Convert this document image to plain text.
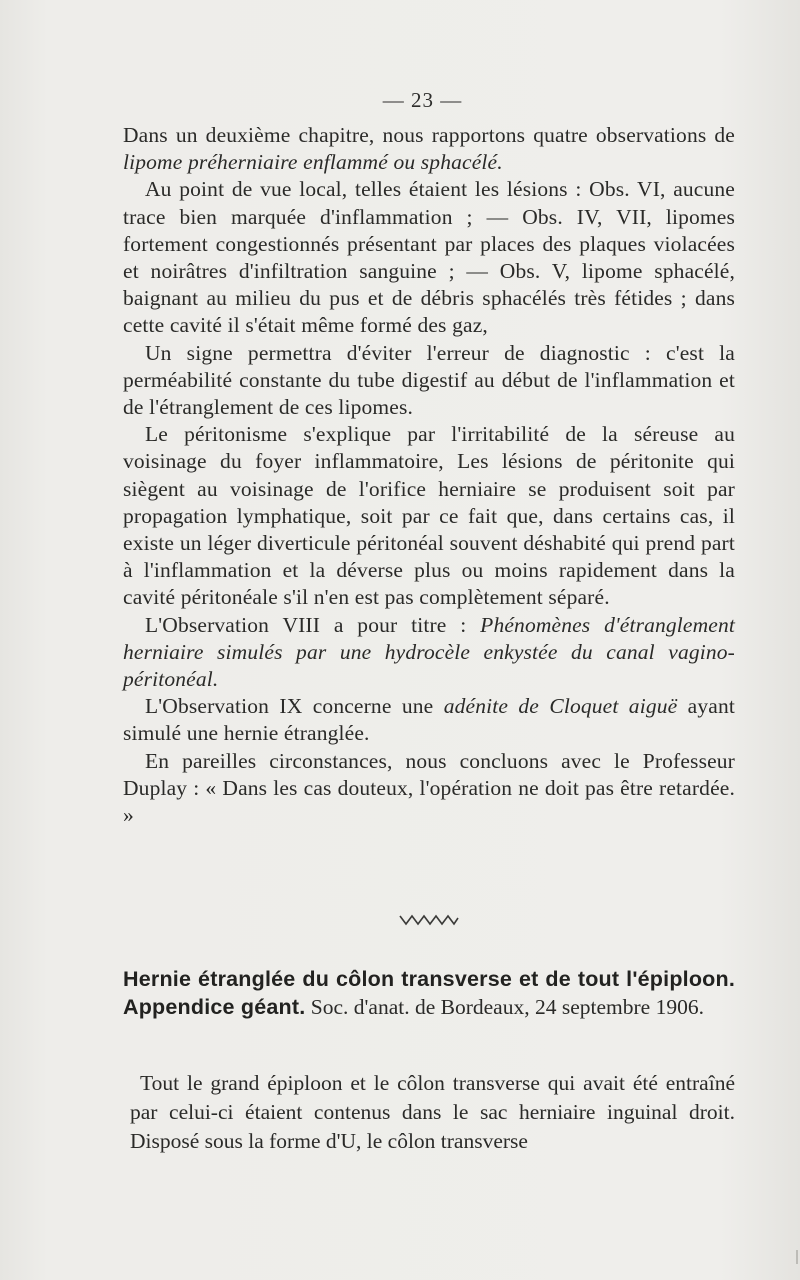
— 23 —

Dans un deuxième chapitre, nous rapportons quatre observations de lipome préherniaire enflammé ou sphacélé.

Au point de vue local, telles étaient les lésions : Obs. VI, aucune trace bien marquée d'inflammation ; — Obs. IV, VII, lipomes fortement congestionnés présentant par places des plaques violacées et noirâtres d'infiltration sanguine ; — Obs. V, lipome sphacélé, baignant au milieu du pus et de débris sphacélés très fétides ; dans cette cavité il s'était même formé des gaz,

Un signe permettra d'éviter l'erreur de diagnostic : c'est la perméabilité constante du tube digestif au début de l'inflammation et de l'étranglement de ces lipomes.

Le péritonisme s'explique par l'irritabilité de la séreuse au voisinage du foyer inflammatoire, Les lésions de péritonite qui siègent au voisinage de l'orifice herniaire se produisent soit par propagation lymphatique, soit par ce fait que, dans certains cas, il existe un léger diverticule péritonéal souvent déshabité qui prend part à l'inflammation et la déverse plus ou moins rapidement dans la cavité péritonéale s'il n'en est pas complètement séparé.

L'Observation VIII a pour titre : Phénomènes d'étranglement herniaire simulés par une hydrocèle enkystée du canal vagino-péritonéal.

L'Observation IX concerne une adénite de Cloquet aiguë ayant simulé une hernie étranglée.

En pareilles circonstances, nous concluons avec le Professeur Duplay : « Dans les cas douteux, l'opération ne doit pas être retardée. »

Hernie étranglée du côlon transverse et de tout l'épiploon. Appendice géant. Soc. d'anat. de Bordeaux, 24 septembre 1906.

Tout le grand épiploon et le côlon transverse qui avait été entraîné par celui-ci étaient contenus dans le sac herniaire inguinal droit. Disposé sous la forme d'U, le côlon transverse
